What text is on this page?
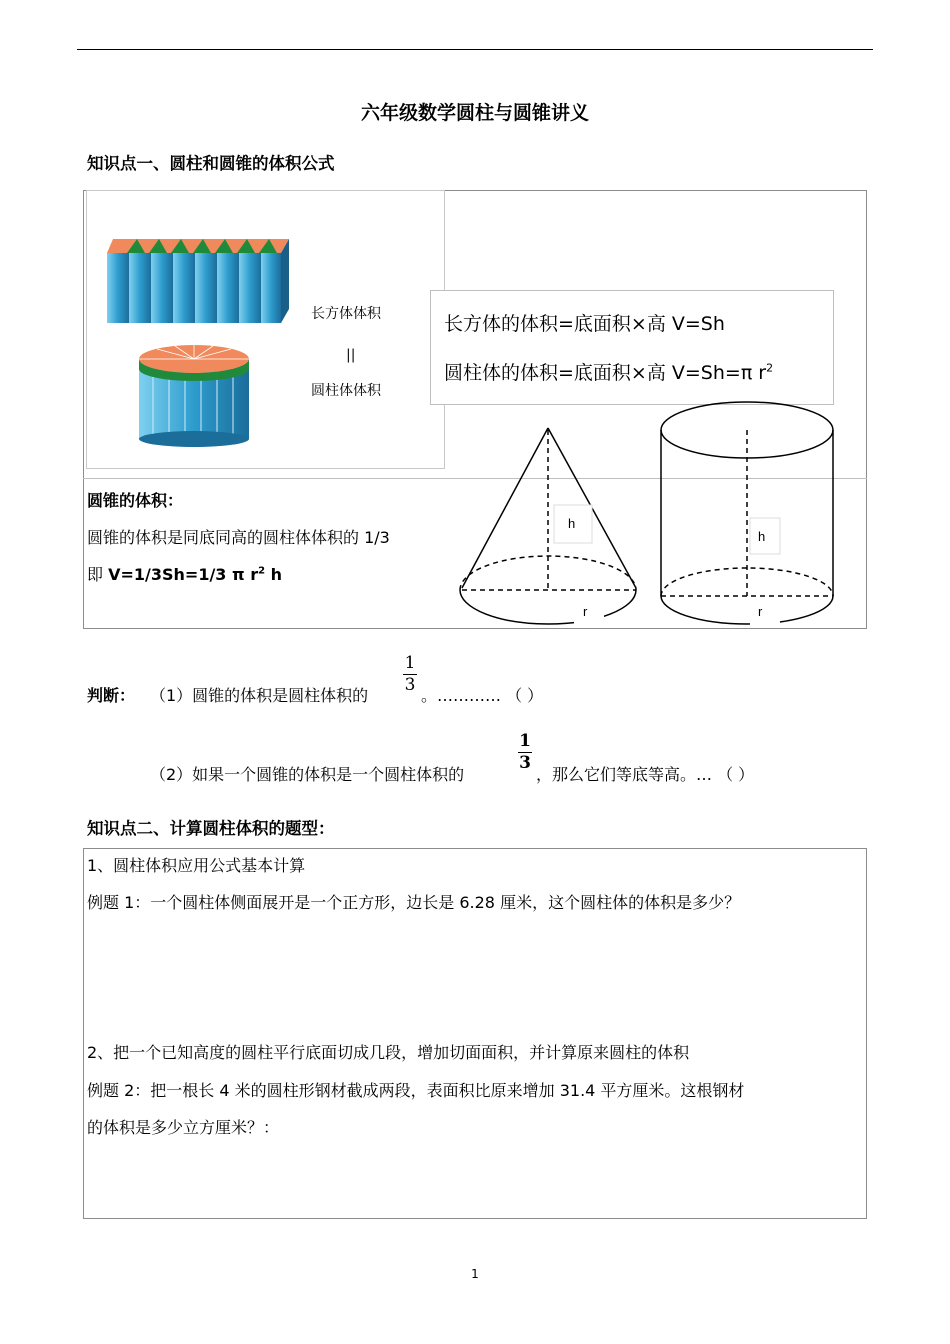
六年级数学圆柱与圆锥讲义
知识点一、圆柱和圆锥的体积公式
长方体体积
||
圆柱体体积
长方体的体积=底面积×高 V=Sh
圆柱体的体积=底面积×高 V=Sh=π $r^2$
圆锥的体积：
圆锥的体积是同底同高的圆柱体体积的 1/3
即 V=1/3Sh=1/3 π $r^2$ h
h
r
h
r
判断： （1）圆锥的体积是圆柱体积的
1
3
。………… （ ）
（2）如果一个圆锥的体积是一个圆柱体积的
1
3
，那么它们等底等高。… （ ）
知识点二、计算圆柱体积的题型：
1、圆柱体积应用公式基本计算
例题 1：一个圆柱体侧面展开是一个正方形，边长是 6.28 厘米，这个圆柱体的体积是多少？
2、把一个已知高度的圆柱平行底面切成几段，增加切面面积，并计算原来圆柱的体积
例题 2：把一根长 4 米的圆柱形钢材截成两段，表面积比原来增加 31.4 平方厘米。这根钢材
的体积是多少立方厘米？：
1
